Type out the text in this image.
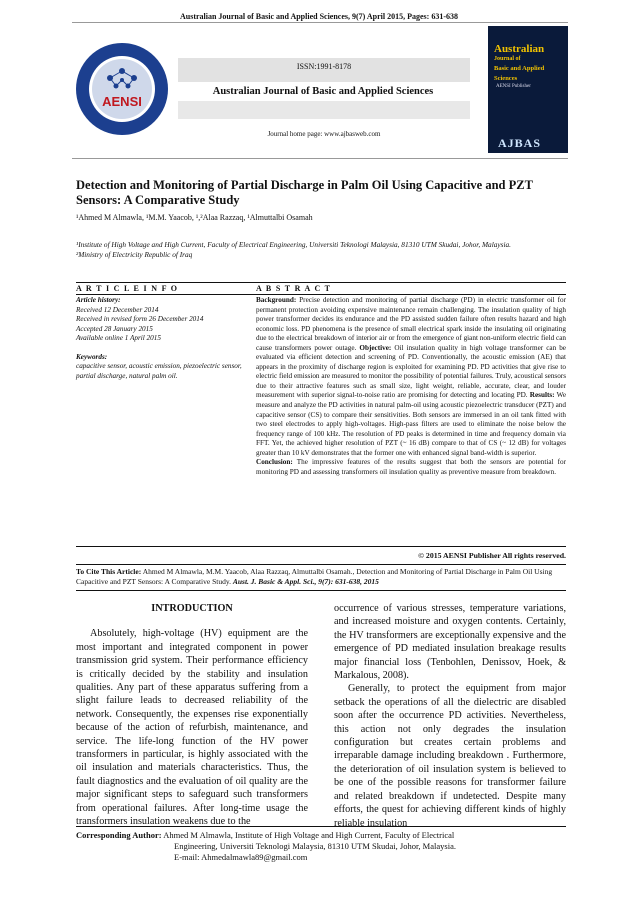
Australian Journal of Basic and Applied Sciences, 9(7) April 2015, Pages: 631-638
AENSI
ISSN:1991-8178
Australian Journal of Basic and Applied Sciences
Journal home page: www.ajbasweb.com
Australian
Journal of
Basic and Applied
Sciences
AENSI Publisher
AJBAS
Detection and Monitoring of Partial Discharge in Palm Oil Using Capacitive and PZT Sensors: A Comparative Study
¹Ahmed M Almawla, ¹M.M. Yaacob, ¹,²Alaa Razzaq, ¹Almuttalbi Osamah
¹Institute of High Voltage and High Current, Faculty of Electrical Engineering, Universiti Teknologi Malaysia, 81310 UTM Skudai, Johor, Malaysia.
²Ministry of Electricity Republic of Iraq
A R T I C L E I N F O	A B S T R A C T
Article history:
Received 12 December 2014
Received in revised form 26 December 2014
Accepted 28 January 2015
Available online 1 April 2015
Keywords:
capacitive sensor, acoustic emission, piezoelectric sensor, partial discharge, natural palm oil.
Background: Precise detection and monitoring of partial discharge (PD) in electric transformer oil for permanent protection avoiding expensive maintenance remain challenging. The insulation quality of high power transformer decides its endurance and the PD assisted sudden failure often results hazard and high economic loss. PD phenomena is the presence of small electrical spark inside the insulating oil originating due to the electrical breakdown of interior air or from the emergence of giant non-uniform electric field can cause transformers power outage. Objective: Oil insulation quality in high voltage transformer can be evaluated via efficient detection and screening of PD. Conventionally, the acoustic emission (AE) that appears in the proximity of discharge region is exploited for examining PD. PD activities that give rise to electric field emission are measured to monitor the possibility of potential failures. Truly, acoustical sensors due to their attractive features such as small size, light weight, reliable, accurate, clear, and louder measurement with superior signal-to-noise ratio are promising for detecting and locating PD. Results: We measure and analyze the PD activities in natural palm-oil using acoustic piezoelectric transducer (PZT) and capacitive sensor (CS) to compare their sensitivities. Both sensors are immersed in an oil tank fitted with two steel electrodes to apply high-voltages. High-pass filters are used to eliminate the noise below the frequency range of 100 kHz. The resolution of PD peaks is determined in time and frequency domain via FFT. Yet, the achieved higher resolution of PZT (~ 16 dB) compare to that of CS (~ 12 dB) for voltages greater than 10 kV demonstrates that the former one with enhanced signal band-width is superior.
Conclusion: The impressive features of the results suggest that both the sensors are potential for monitoring PD and assessing transformers oil insulation quality as preventive measure from breakdown.
© 2015 AENSI Publisher All rights reserved.
To Cite This Article: Ahmed M Almawla, M.M. Yaacob, Alaa Razzaq, Almuttalbi Osamah., Detection and Monitoring of Partial Discharge in Palm Oil Using Capacitive and PZT Sensors: A Comparative Study. Aust. J. Basic & Appl. Sci., 9(7): 631-638, 2015
INTRODUCTION

Absolutely, high-voltage (HV) equipment are the most important and integrated component in power transmission grid system. Their performance efficiency is critically decided by the stability and insulation qualities. Any part of these apparatus suffering from a slight failure leads to decreased reliability of the network. Consequently, the expenses rise exponentially because of the action of refurbish, maintenance, and service. The life-long function of the HV power transformers in particular, is highly associated with the oil insulation and materials characteristics. Thus, the fault diagnostics and the evaluation of oil quality are the major significant steps to safeguard such transformers from operational failures. After long-time usage the transformers insulation weakens due to the

occurrence of various stresses, temperature variations, and increased moisture and oxygen contents. Certainly, the HV transformers are exceptionally expensive and the emergence of PD mediated insulation breakage results major financial loss (Tenbohlen, Denissov, Hoek, & Markalous, 2008).

Generally, to protect the equipment from major setback the operations of all the dielectric are disabled soon after the occurrence PD activities. Nevertheless, this action not only degrades the insulation configuration but creates certain problems and irreparable damage including breakdown . Furthermore, the deterioration of oil insulation system is believed to be one of the possible reasons for transformer failure and related breakdown if undetected. Despite many efforts, the quest for achieving different kinds of highly reliable insulation

Corresponding Author: Ahmed M Almawla, Institute of High Voltage and High Current, Faculty of Electrical
Engineering, Universiti Teknologi Malaysia, 81310 UTM Skudai, Johor, Malaysia.
E-mail: Ahmedalmawla89@gmail.com
